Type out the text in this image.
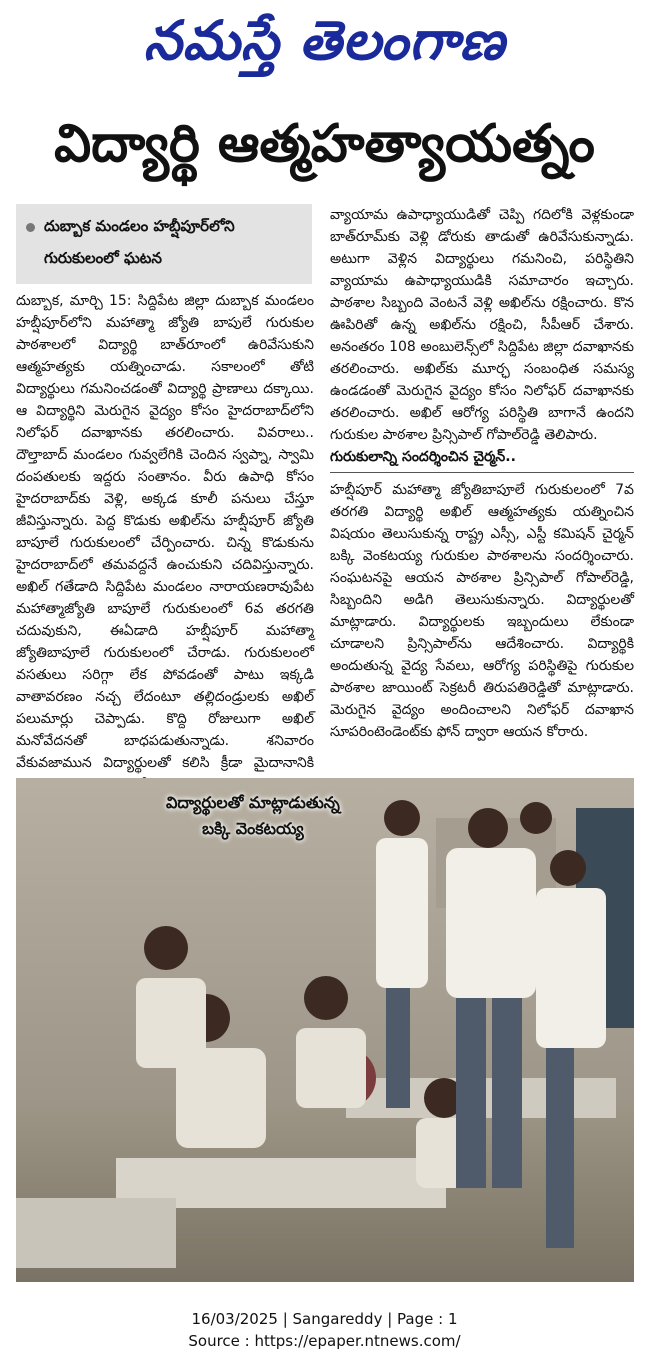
నమస్తే తెలంగాణ
విద్యార్థి ఆత్మహత్యాయత్నం
దుబ్బాక మండలం హబ్షీపూర్‌లోని గురుకులంలో ఘటన

దుబ్బాక, మార్చి 15: సిద్దిపేట జిల్లా దుబ్బాక మండలం హబ్షీపూర్‌లోని మహాత్మా జ్యోతి బాపులే గురుకుల పాఠశాలలో విద్యార్థి బాత్‌రూంలో ఉరివేసుకుని ఆత్మహత్యకు యత్నించాడు. సకాలంలో తోటి విద్యార్థులు గమనించడంతో విద్యార్థి ప్రాణాలు దక్కాయి. ఆ విద్యార్థిని మెరుగైన వైద్యం కోసం హైదరాబాద్‌లోని నిలోఫర్ దవాఖానకు తరలించారు. వివరాలు.. దౌల్తాబాద్ మండలం గువ్వలేగికి చెందిన స్వప్నా, స్వామి దంపతులకు ఇద్దరు సంతానం. వీరు ఉపాధి కోసం హైదరాబాద్‌కు వెళ్లి, అక్కడ కూలీ పనులు చేస్తూ జీవిస్తున్నారు. పెద్ద కొడుకు అఖిల్‌ను హబ్షీపూర్ జ్యోతి బాపూలే గురుకులంలో చేర్పించారు. చిన్న కొడుకును హైదరాబాద్‌లో తమవద్దనే ఉంచుకుని చదివిస్తున్నారు. అఖిల్ గతేడాది సిద్దిపేట మండలం నారాయణరావుపేట మహాత్మాజ్యోతి బాపూలే గురుకులంలో 6వ తరగతి చదువుకుని, ఈఏడాది హబ్షీపూర్ మహాత్మా జ్యోతిబాపూలే గురుకులంలో చేరాడు. గురుకులంలో వసతులు సరిగ్గా లేక పోవడంతో పాటు ఇక్కడి వాతావరణం నచ్చ లేదంటూ తల్లిదండ్రులకు అఖిల్ పలుమార్లు చెప్పాడు. కొద్ది రోజులుగా అఖిల్ మనోవేదనతో బాధపడుతున్నాడు. శనివారం వేకువజామున విద్యార్థులతో కలిసి క్రీడా మైదానానికి

వ్యాయామ ఉపాధ్యాయుడితో చెప్పి గదిలోకి వెళ్లకుండా బాత్‌రూమ్‌కు వెళ్లి డోరుకు తాడుతో ఉరివేసుకున్నాడు. అటుగా వెళ్లిన విద్యార్థులు గమనించి, పరిస్థితిని వ్యాయామ ఉపాధ్యాయుడికి సమాచారం ఇచ్చారు. పాఠశాల సిబ్బంది వెంటనే వెళ్లి అఖిల్‌ను రక్షించారు. కొన ఊపిరితో ఉన్న అఖిల్‌ను రక్షించి, సీపీఆర్ చేశారు. అనంతరం 108 అంబులెన్స్‌లో సిద్దిపేట జిల్లా దవాఖానకు తరలించారు. అఖిల్‌కు మూర్ఛ సంబంధిత సమస్య ఉండడంతో మెరుగైన వైద్యం కోసం నిలోఫర్ దవాఖానకు తరలించారు. అఖిల్ ఆరోగ్య పరిస్థితి బాగానే ఉందని గురుకుల పాఠశాల ప్రిన్సిపాల్ గోపాల్‌రెడ్డి తెలిపారు.

గురుకులాన్ని సందర్శించిన చైర్మన్..

హబ్షీపూర్ మహాత్మా జ్యోతిబాపూలే గురుకులంలో 7వ తరగతి విద్యార్థి అఖిల్ ఆత్మహత్యకు యత్నించిన విషయం తెలుసుకున్న రాష్ట్ర ఎస్సీ, ఎస్టీ కమిషన్ చైర్మన్ బక్కి వెంకటయ్య గురుకుల పాఠశాలను సందర్శించారు. సంఘటనపై ఆయన పాఠశాల ప్రిన్సిపాల్ గోపాల్‌రెడ్డి, సిబ్బందిని అడిగి తెలుసుకున్నారు. విద్యార్థులతో మాట్లాడారు. విద్యార్థులకు ఇబ్బందులు లేకుండా చూడాలని ప్రిన్సిపాల్‌ను ఆదేశించారు. విద్యార్థికి అందుతున్న వైద్య సేవలు, ఆరోగ్య పరిస్థితిపై గురుకుల పాఠశాల జాయింట్ సెక్రటరీ తిరుపతిరెడ్డితో మాట్లాడారు. మెరుగైన వైద్యం అందించాలని నిలోఫర్ దవాఖాన సూపరింటెండెంట్‌కు ఫోన్ ద్వారా ఆయన కోరారు.

విద్యార్థులతో మాట్లాడుతున్న
బక్కి వెంకటయ్య
16/03/2025 | Sangareddy | Page : 1
Source : https://epaper.ntnews.com/
